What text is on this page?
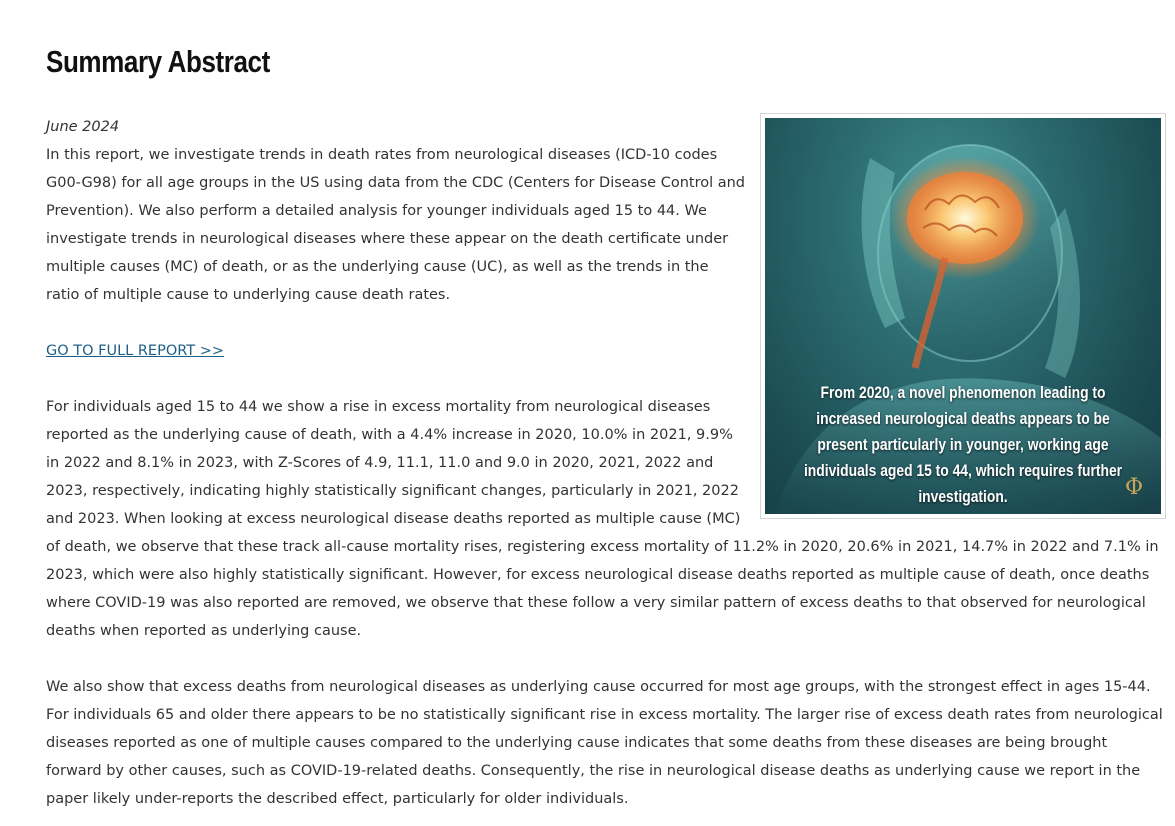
Summary Abstract
From 2020, a novel phenomenon leading to increased neurological deaths appears to be present particularly in younger, working age individuals aged 15 to 44, which requires further investigation.	Φ

June 2024

In this report, we investigate trends in death rates from neurological diseases (ICD-10 codes G00-G98) for all age groups in the US using data from the CDC (Centers for Disease Control and Prevention). We also perform a detailed analysis for younger individuals aged 15 to 44. We investigate trends in neurological diseases where these appear on the death certificate under multiple causes (MC) of death, or as the underlying cause (UC), as well as the trends in the ratio of multiple cause to underlying cause death rates.

GO TO FULL REPORT >>

For individuals aged 15 to 44 we show a rise in excess mortality from neurological diseases reported as the underlying cause of death, with a 4.4% increase in 2020, 10.0% in 2021, 9.9% in 2022 and 8.1% in 2023, with Z-Scores of 4.9, 11.1, 11.0 and 9.0 in 2020, 2021, 2022 and 2023, respectively, indicating highly statistically significant changes, particularly in 2021, 2022 and 2023. When looking at excess neurological disease deaths reported as multiple cause (MC) of death, we observe that these track all-cause mortality rises, registering excess mortality of 11.2% in 2020, 20.6% in 2021, 14.7% in 2022 and 7.1% in 2023, which were also highly statistically significant. However, for excess neurological disease deaths reported as multiple cause of death, once deaths where COVID-19 was also reported are removed, we observe that these follow a very similar pattern of excess deaths to that observed for neurological deaths when reported as underlying cause.

We also show that excess deaths from neurological diseases as underlying cause occurred for most age groups, with the strongest effect in ages 15-44. For individuals 65 and older there appears to be no statistically significant rise in excess mortality. The larger rise of excess death rates from neurological diseases reported as one of multiple causes compared to the underlying cause indicates that some deaths from these diseases are being brought forward by other causes, such as COVID-19-related deaths. Consequently, the rise in neurological disease deaths as underlying cause we report in the paper likely under-reports the described effect, particularly for older individuals.
